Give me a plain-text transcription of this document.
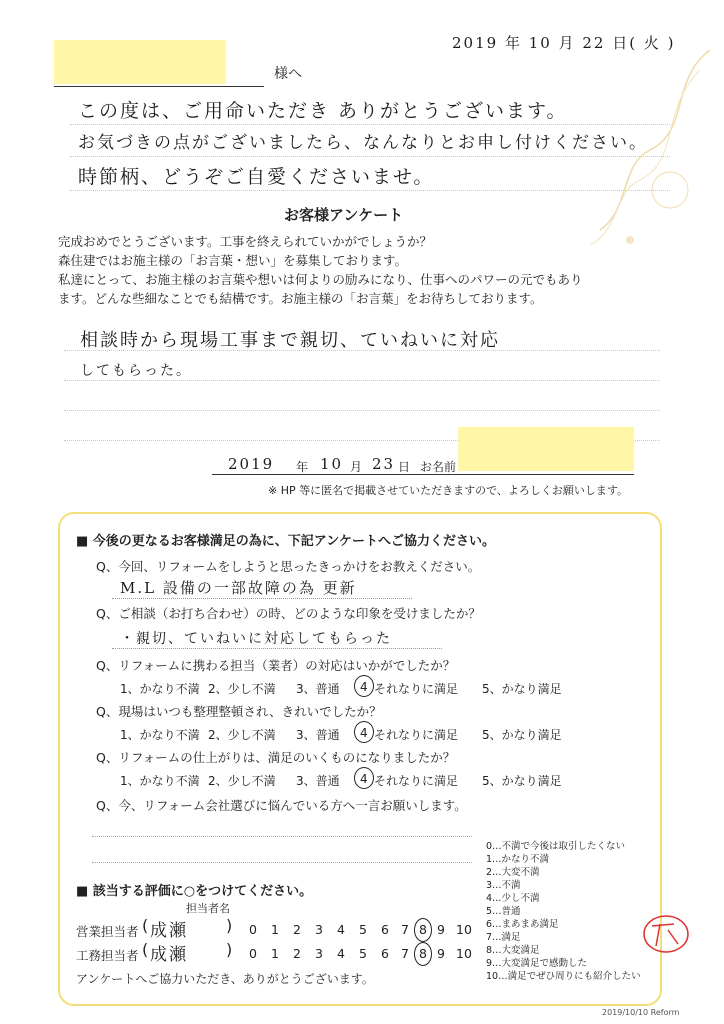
2019 年 10 月 22 日( 火 )
様へ
この度は、ご用命いただき ありがとうございます。
お気づきの点がございましたら、なんなりとお申し付けください。
時節柄、どうぞご自愛くださいませ。
お客様アンケート
完成おめでとうございます。工事を終えられていかがでしょうか？
森住建ではお施主様の「お言葉・想い」を募集しております。
私達にとって、お施主様のお言葉や想いは何よりの励みになり、仕事へのパワーの元でもあり
ます。どんな些細なことでも結構です。お施主様の「お言葉」をお待ちしております。
相談時から現場工事まで親切、ていねいに対応
してもらった。
2019 年 10 月 23 日 お名前
※ HP 等に匿名で掲載させていただきますので、よろしくお願いします。
■ 今後の更なるお客様満足の為に、下記アンケートへご協力ください。
Q、今回、リフォームをしようと思ったきっかけをお教えください。
M.L 設備の一部故障の為 更新
Q、ご相談（お打ち合わせ）の時、どのような印象を受けましたか？
・親切、ていねいに対応してもらった
Q、リフォームに携わる担当（業者）の対応はいかがでしたか？
1、かなり不満 2、少し不満 3、普通 4 それなりに満足 5、かなり満足
Q、現場はいつも整理整頓され、きれいでしたか？
1、かなり不満 2、少し不満 3、普通 4 それなりに満足 5、かなり満足
Q、リフォームの仕上がりは、満足のいくものになりましたか？
1、かなり不満 2、少し不満 3、普通 4 それなりに満足 5、かなり満足
Q、今、リフォーム会社選びに悩んでいる方へ一言お願いします。
■ 該当する評価に○をつけてください。
担当者名
営業担当者 成瀬
工務担当者 成瀬
(	)
(	)
0 1 2 3 4 5 6 7 8 9 10
0 1 2 3 4 5 6 7 8 9 10
アンケートへご協力いただき、ありがとうございます。
0…不満で今後は取引したくない
1…かなり不満
2…大変不満
3…不満
4…少し不満
5…普通
6…まあまあ満足
7…満足
8…大変満足
9…大変満足で感動した
10…満足でぜひ周りにも紹介したい
2019/10/10 Reform
